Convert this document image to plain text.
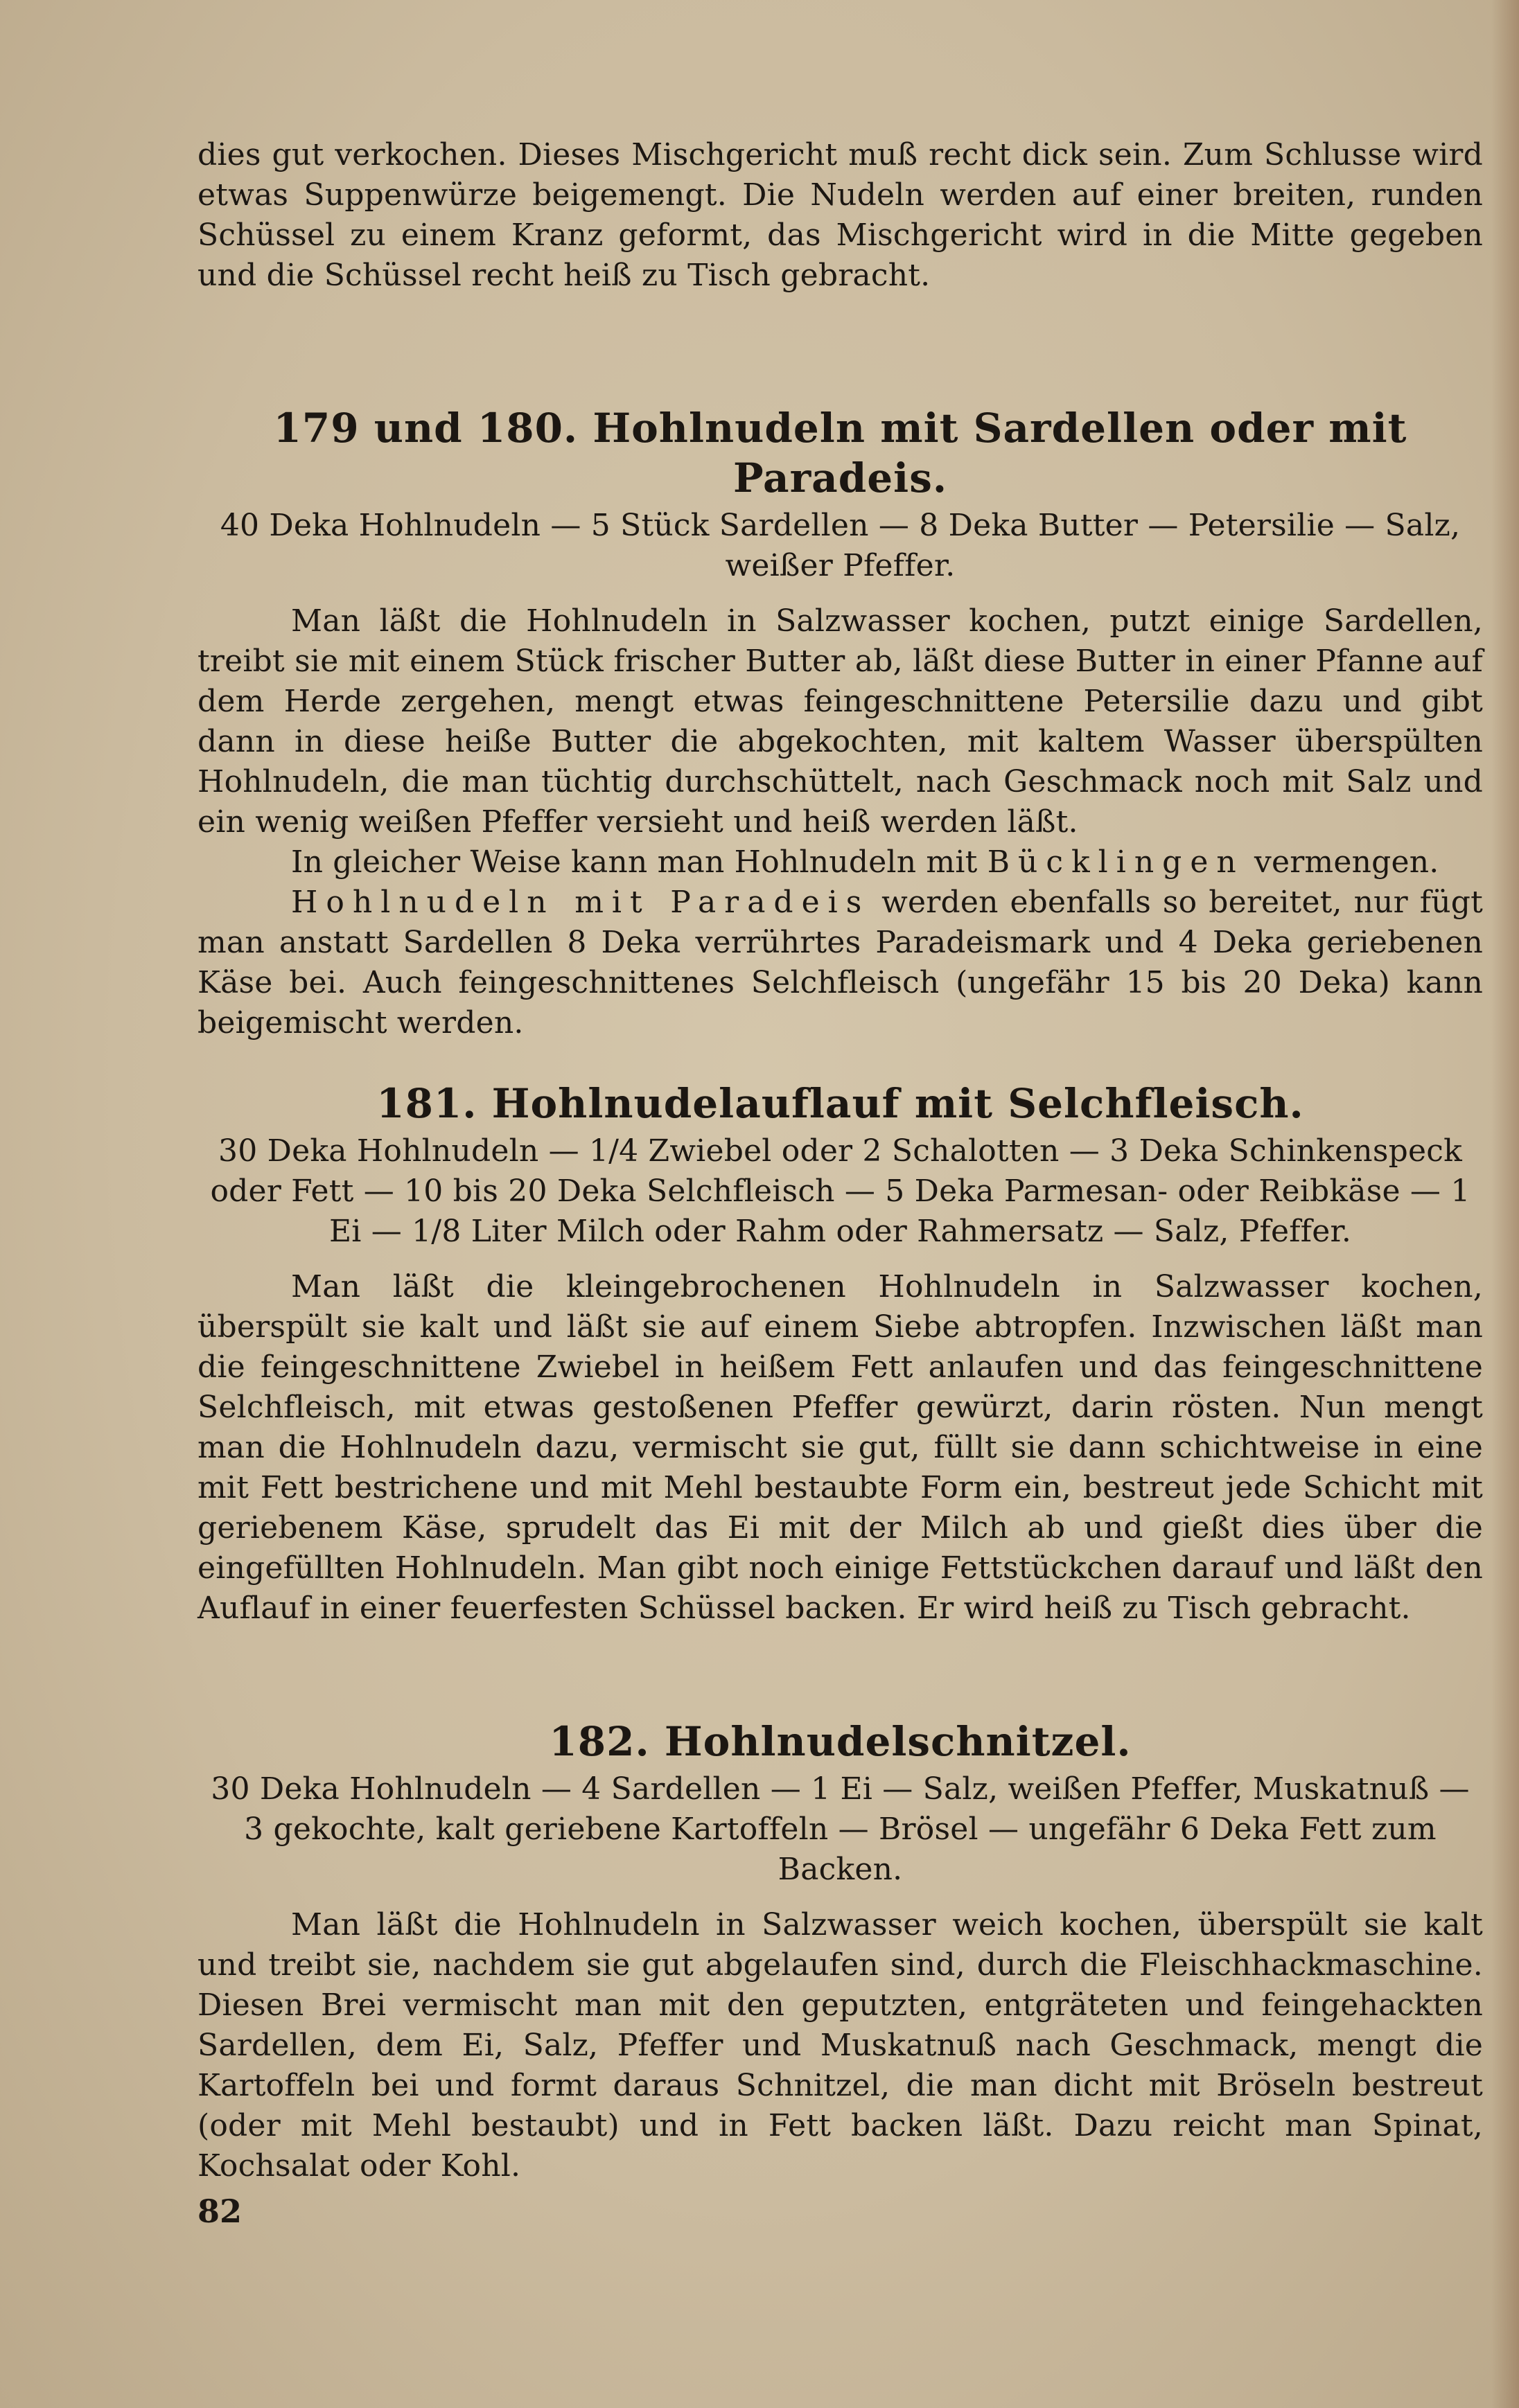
dies gut verkochen. Dieses Mischgericht muß recht dick sein. Zum Schlusse wird etwas Suppenwürze beigemengt. Die Nudeln werden auf einer breiten, runden Schüssel zu einem Kranz geformt, das Mischgericht wird in die Mitte gegeben und die Schüssel recht heiß zu Tisch gebracht.

179 und 180. Hohlnudeln mit Sardellen oder mit Paradeis.
40 Deka Hohlnudeln — 5 Stück Sardellen — 8 Deka Butter — Petersilie — Salz, weißer Pfeffer.

Man läßt die Hohlnudeln in Salzwasser kochen, putzt einige Sardellen, treibt sie mit einem Stück frischer Butter ab, läßt diese Butter in einer Pfanne auf dem Herde zergehen, mengt etwas feingeschnittene Petersilie dazu und gibt dann in diese heiße Butter die abgekochten, mit kaltem Wasser überspülten Hohlnudeln, die man tüchtig durchschüttelt, nach Geschmack noch mit Salz und ein wenig weißen Pfeffer versieht und heiß werden läßt.

In gleicher Weise kann man Hohlnudeln mit Bücklingen vermengen.

Hohlnudeln mit Paradeis werden ebenfalls so bereitet, nur fügt man anstatt Sardellen 8 Deka verrührtes Paradeismark und 4 Deka geriebenen Käse bei. Auch feingeschnittenes Selchfleisch (ungefähr 15 bis 20 Deka) kann beigemischt werden.

181. Hohlnudelauflauf mit Selchfleisch.
30 Deka Hohlnudeln — 1/4 Zwiebel oder 2 Schalotten — 3 Deka Schinkenspeck oder Fett — 10 bis 20 Deka Selchfleisch — 5 Deka Parmesan- oder Reibkäse — 1 Ei — 1/8 Liter Milch oder Rahm oder Rahmersatz — Salz, Pfeffer.

Man läßt die kleingebrochenen Hohlnudeln in Salzwasser kochen, überspült sie kalt und läßt sie auf einem Siebe abtropfen. Inzwischen läßt man die feingeschnittene Zwiebel in heißem Fett anlaufen und das feingeschnittene Selchfleisch, mit etwas gestoßenen Pfeffer gewürzt, darin rösten. Nun mengt man die Hohlnudeln dazu, vermischt sie gut, füllt sie dann schichtweise in eine mit Fett bestrichene und mit Mehl bestaubte Form ein, bestreut jede Schicht mit geriebenem Käse, sprudelt das Ei mit der Milch ab und gießt dies über die eingefüllten Hohlnudeln. Man gibt noch einige Fettstückchen darauf und läßt den Auflauf in einer feuerfesten Schüssel backen. Er wird heiß zu Tisch gebracht.

182. Hohlnudelschnitzel.
30 Deka Hohlnudeln — 4 Sardellen — 1 Ei — Salz, weißen Pfeffer, Muskatnuß — 3 gekochte, kalt geriebene Kartoffeln — Brösel — ungefähr 6 Deka Fett zum Backen.

Man läßt die Hohlnudeln in Salzwasser weich kochen, überspült sie kalt und treibt sie, nachdem sie gut abgelaufen sind, durch die Fleischhackmaschine. Diesen Brei vermischt man mit den geputzten, entgräteten und feingehackten Sardellen, dem Ei, Salz, Pfeffer und Muskatnuß nach Geschmack, mengt die Kartoffeln bei und formt daraus Schnitzel, die man dicht mit Bröseln bestreut (oder mit Mehl bestaubt) und in Fett backen läßt. Dazu reicht man Spinat, Kochsalat oder Kohl.

82
